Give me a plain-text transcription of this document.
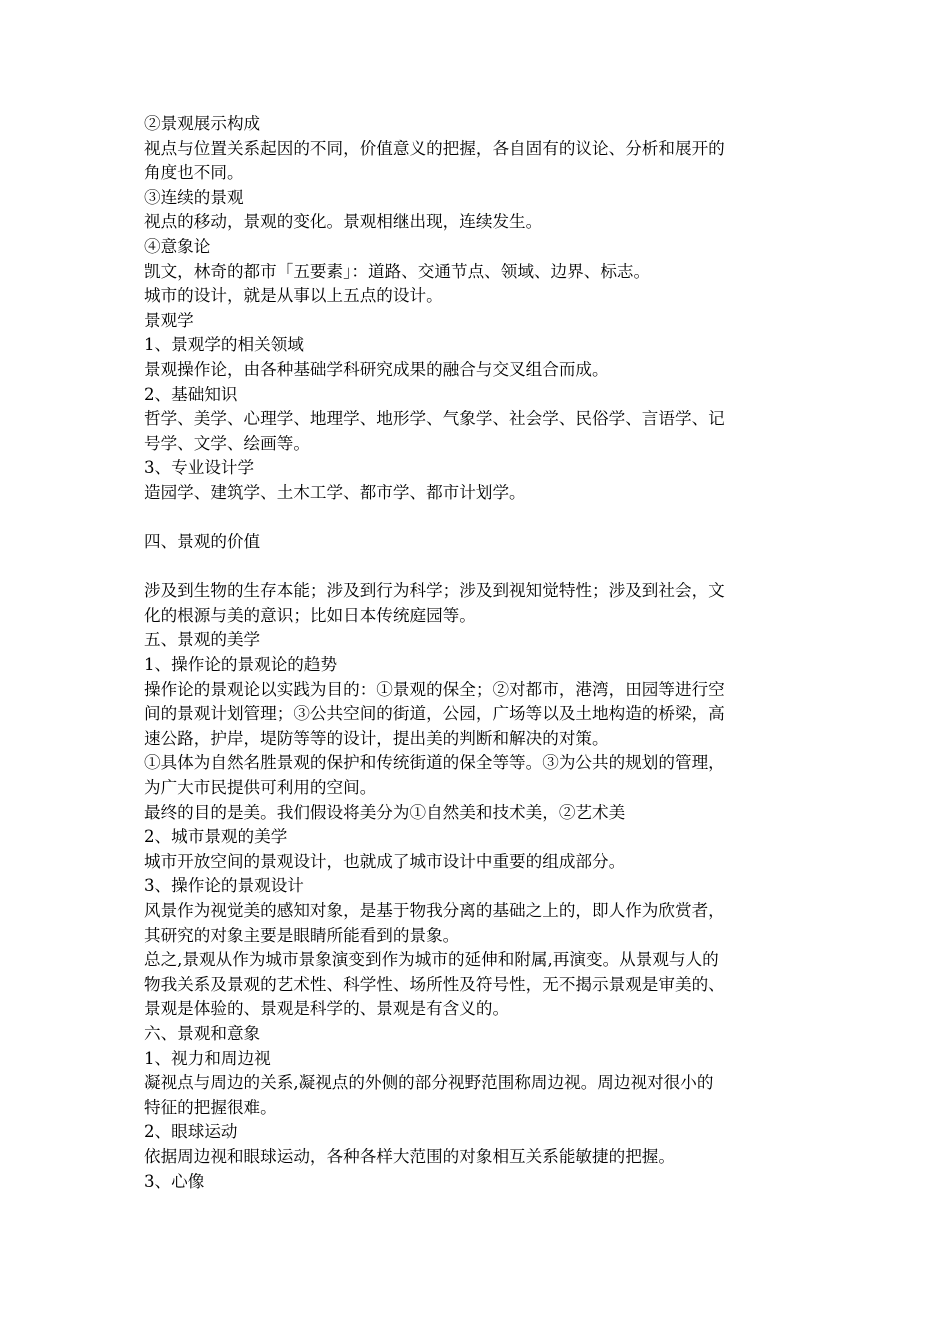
②景观展示构成
视点与位置关系起因的不同，价值意义的把握，各自固有的议论、分析和展开的
角度也不同。
③连续的景观
视点的移动，景观的变化。景观相继出现，连续发生。
④意象论
凯文，林奇的都市「五要素」：道路、交通节点、领域、边界、标志。
城市的设计，就是从事以上五点的设计。
景观学
1、景观学的相关领域
景观操作论，由各种基础学科研究成果的融合与交叉组合而成。
2、基础知识
哲学、美学、心理学、地理学、地形学、气象学、社会学、民俗学、言语学、记
号学、文学、绘画等。
3、专业设计学
造园学、建筑学、土木工学、都市学、都市计划学。
四、景观的价值
涉及到生物的生存本能；涉及到行为科学；涉及到视知觉特性；涉及到社会，文
化的根源与美的意识；比如日本传统庭园等。
五、景观的美学
1、操作论的景观论的趋势
操作论的景观论以实践为目的：①景观的保全；②对都市，港湾，田园等进行空
间的景观计划管理；③公共空间的街道，公园，广场等以及土地构造的桥梁，高
速公路，护岸，堤防等等的设计，提出美的判断和解决的对策。
①具体为自然名胜景观的保护和传统街道的保全等等。③为公共的规划的管理，
为广大市民提供可利用的空间。
最终的目的是美。我们假设将美分为①自然美和技术美，②艺术美
2、城市景观的美学
城市开放空间的景观设计，也就成了城市设计中重要的组成部分。
3、操作论的景观设计
风景作为视觉美的感知对象，是基于物我分离的基础之上的，即人作为欣赏者，
其研究的对象主要是眼睛所能看到的景象。
总之,景观从作为城市景象演变到作为城市的延伸和附属,再演变。从景观与人的
物我关系及景观的艺术性、科学性、场所性及符号性，无不揭示景观是审美的、
景观是体验的、景观是科学的、景观是有含义的。
六、景观和意象
1、视力和周边视
凝视点与周边的关系,凝视点的外侧的部分视野范围称周边视。周边视对很小的
特征的把握很难。
2、眼球运动
依据周边视和眼球运动，各种各样大范围的对象相互关系能敏捷的把握。
3、心像
